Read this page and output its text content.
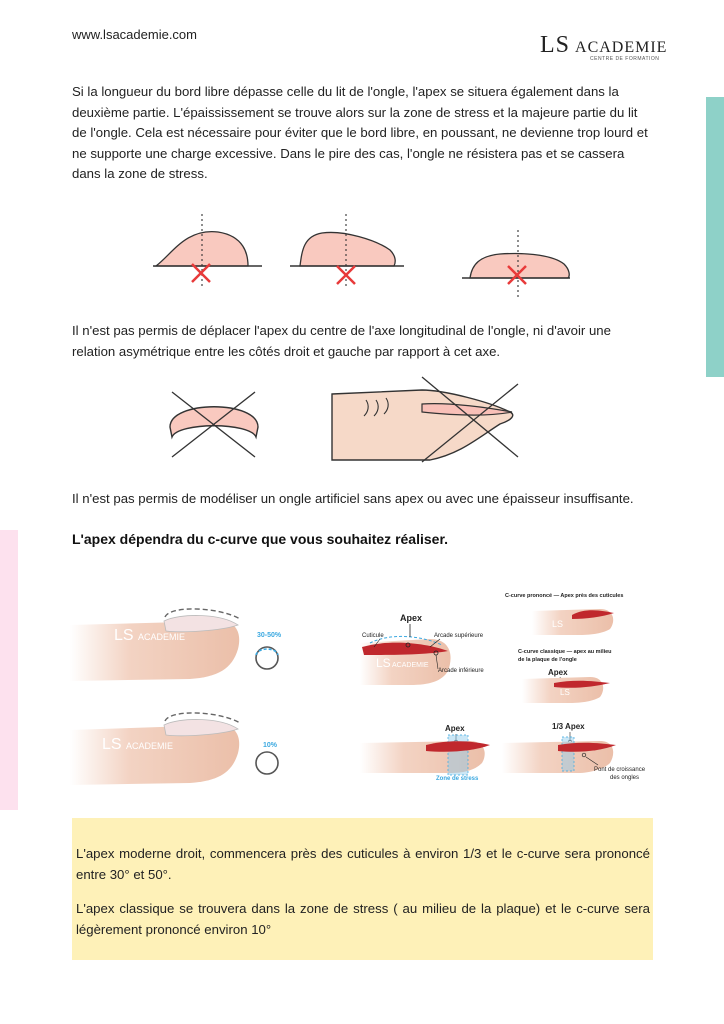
www.lsacademie.com	LS ACADEMIE
CENTRE DE FORMATION

Si la longueur du bord libre dépasse celle du lit de l'ongle, l'apex se situera également dans la deuxième partie. L'épaississement se trouve alors sur la zone de stress et la majeure partie du lit de l'ongle. Cela est nécessaire pour éviter que le bord libre, en poussant, ne devienne trop lourd et ne supporte une charge excessive. Dans le pire des cas, l'ongle ne résistera pas et se cassera dans la zone de stress.

Il n'est pas permis de déplacer l'apex du centre de l'axe longitudinal de l'ongle, ni d'avoir une relation asymétrique entre les côtés droit et gauche par rapport à cet axe.

Il n'est pas permis de modéliser un ongle artificiel sans apex ou avec une épaisseur insuffisante.

L'apex dépendra du c-curve que vous souhaitez réaliser.
LS ACADEMIE	30-50%
LS ACADEMIE	10%
LS ACADEMIE
Apex
Cuticule	Arcade supérieure
Arcade inférieure
C-curve prononcé — Apex près des cuticules
LS
C-curve classique — apex au milieu
de la plaque de l'ongle
Apex
LS
Apex
Zone de stress
1/3 Apex
Pont de croissance
des ongles

L'apex moderne droit, commencera près des cuticules à environ 1/3 et le c-curve sera prononcé entre 30° et 50°.

L'apex classique se trouvera dans la zone de stress ( au milieu de la plaque) et le c-curve sera légèrement prononcé environ 10°
